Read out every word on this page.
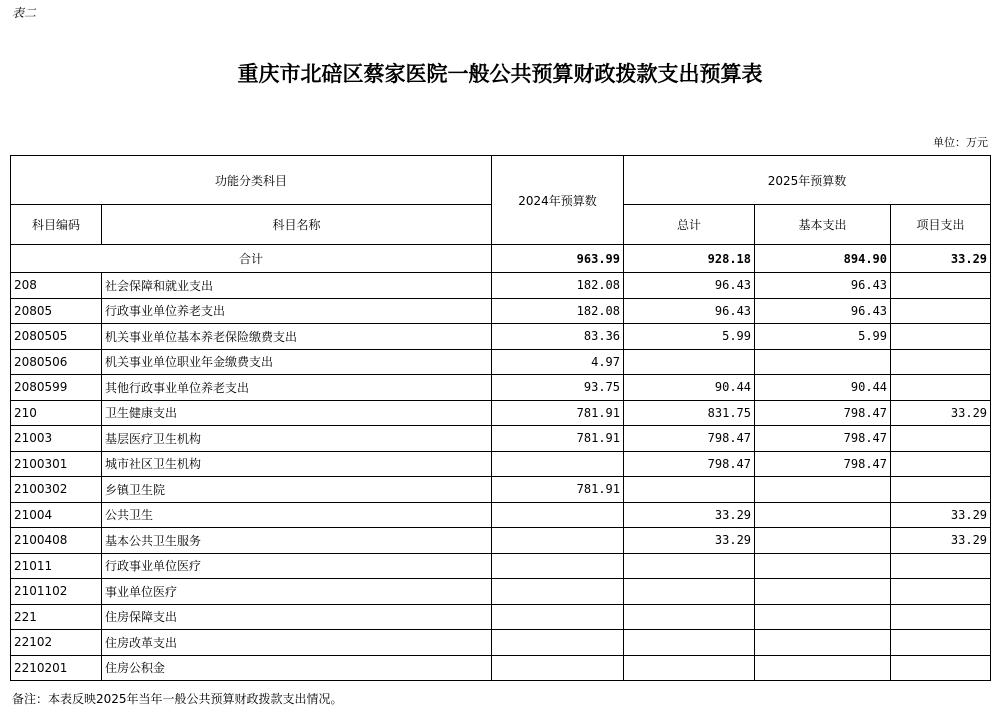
表二
重庆市北碚区蔡家医院一般公共预算财政拨款支出预算表
单位：万元
功能分类科目		2024年预算数	2025年预算数		
科目编码	科目名称		总计	基本支出	项目支出
合计		963.99	928.18	894.90	33.29
208	社会保障和就业支出	182.08	96.43	96.43	
20805	行政事业单位养老支出	182.08	96.43	96.43	
2080505	机关事业单位基本养老保险缴费支出	83.36	5.99	5.99	
2080506	机关事业单位职业年金缴费支出	4.97			
2080599	其他行政事业单位养老支出	93.75	90.44	90.44	
210	卫生健康支出	781.91	831.75	798.47	33.29
21003	基层医疗卫生机构	781.91	798.47	798.47	
2100301	城市社区卫生机构		798.47	798.47	
2100302	乡镇卫生院	781.91			
21004	公共卫生		33.29		33.29
2100408	基本公共卫生服务		33.29		33.29
21011	行政事业单位医疗				
2101102	事业单位医疗				
221	住房保障支出				
22102	住房改革支出				
2210201	住房公积金				
备注：本表反映2025年当年一般公共预算财政拨款支出情况。
